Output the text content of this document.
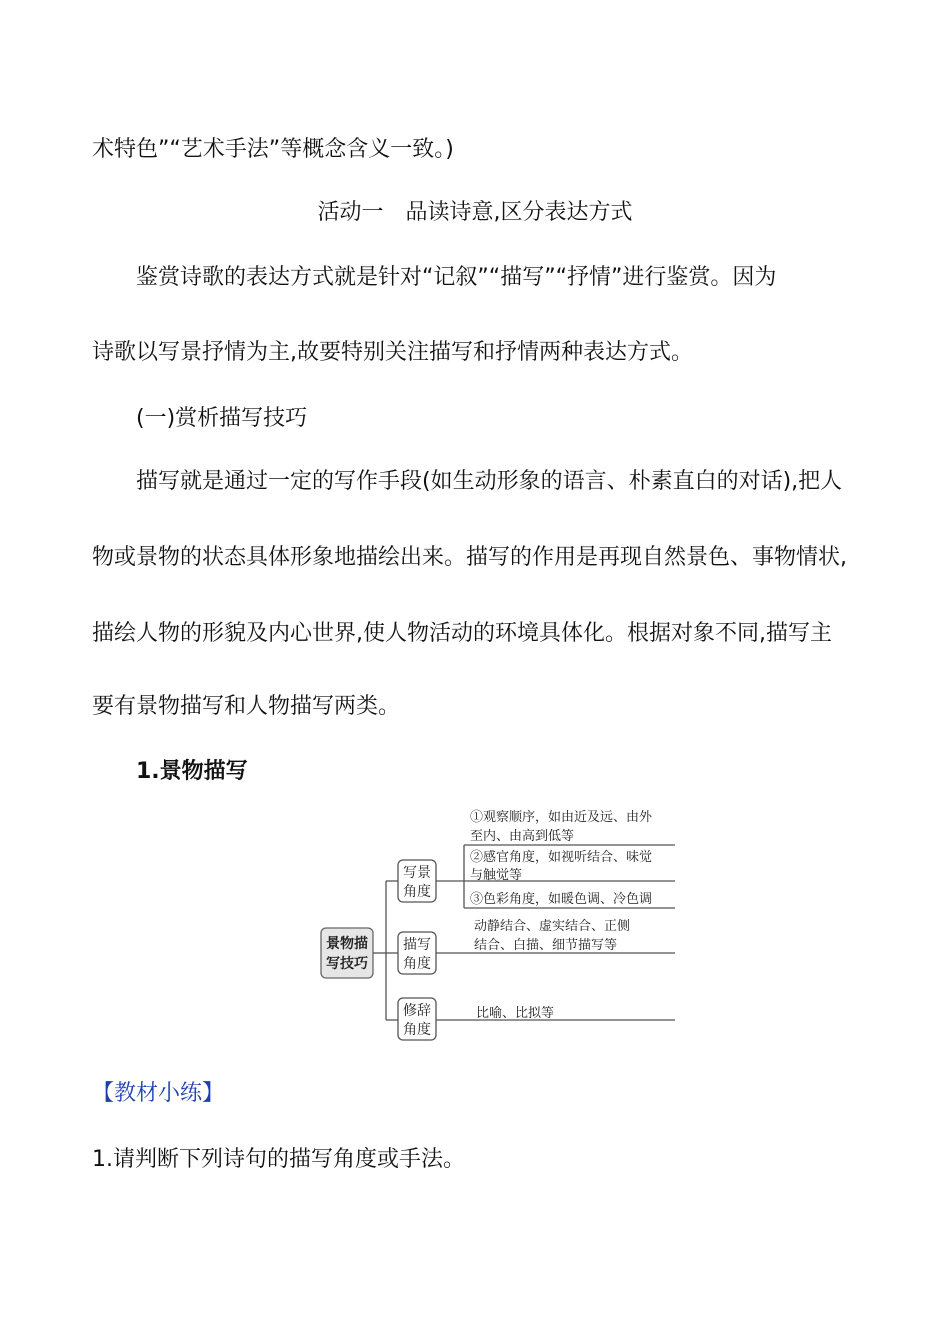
术特色”“艺术手法”等概念含义一致。)

活动一　品读诗意,区分表达方式

鉴赏诗歌的表达方式就是针对“记叙”“描写”“抒情”进行鉴赏。因为

诗歌以写景抒情为主,故要特别关注描写和抒情两种表达方式。

(一)赏析描写技巧

描写就是通过一定的写作手段(如生动形象的语言、朴素直白的对话),把人

物或景物的状态具体形象地描绘出来。描写的作用是再现自然景色、事物情状,

描绘人物的形貌及内心世界,使人物活动的环境具体化。根据对象不同,描写主

要有景物描写和人物描写两类。

1.景物描写

景物描
写技巧
写景
角度
描写
角度
修辞
角度
①观察顺序，如由近及远、由外
至内、由高到低等
②感官角度，如视听结合、味觉
与触觉等
③色彩角度，如暖色调、冷色调
动静结合、虚实结合、正侧
结合、白描、细节描写等
比喻、比拟等

【教材小练】

1.请判断下列诗句的描写角度或手法。
